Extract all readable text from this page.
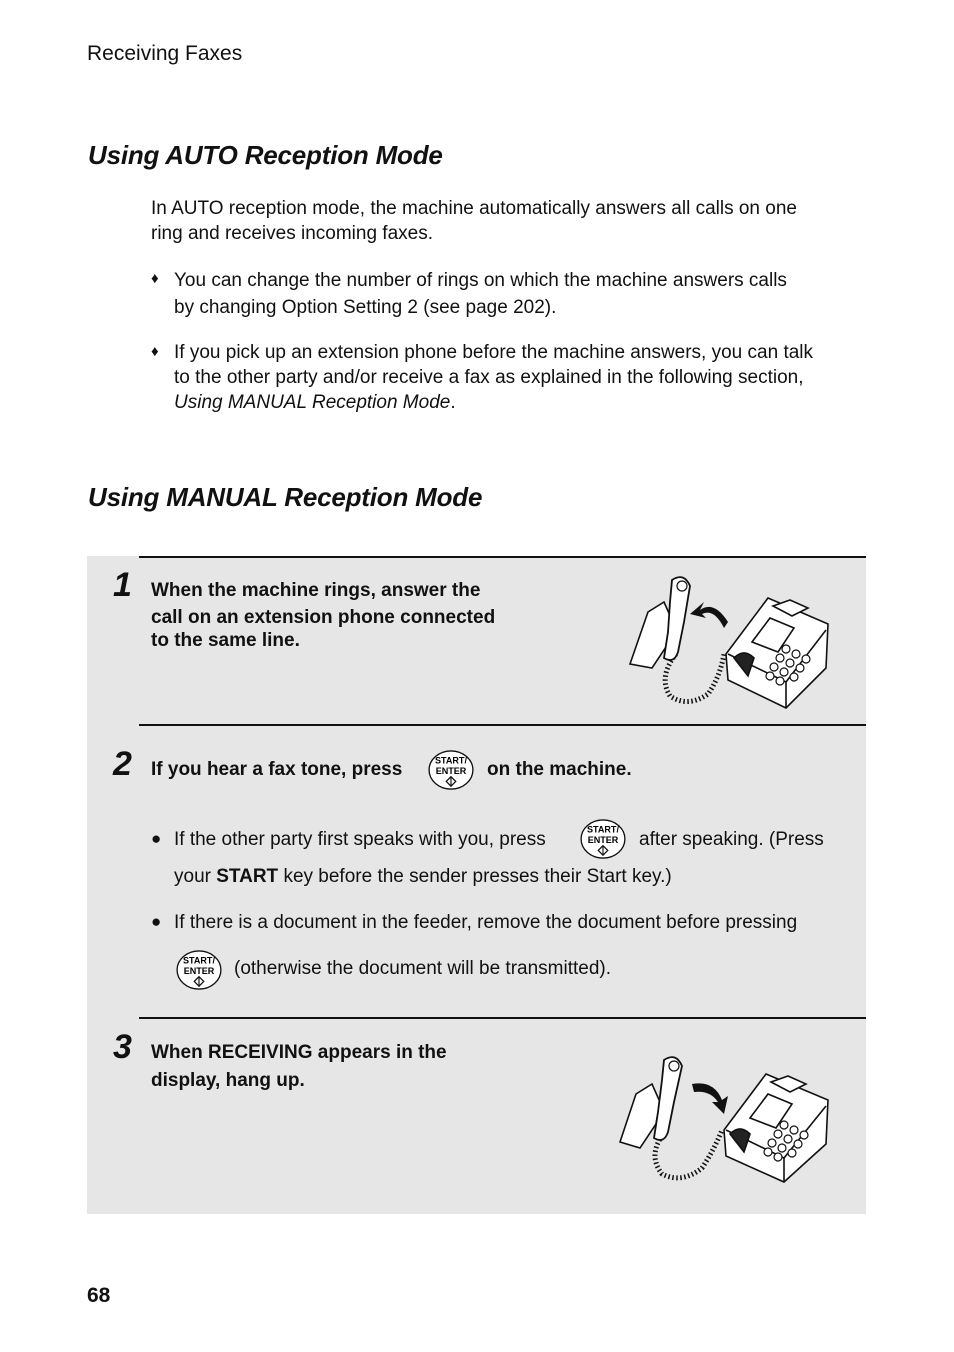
Receiving Faxes
Using AUTO Reception Mode
In AUTO reception mode, the machine automatically answers all calls on one
ring and receives incoming faxes.
♦ You can change the number of rings on which the machine answers calls
by changing Option Setting 2 (see page 202).
♦ If you pick up an extension phone before the machine answers, you can talk
to the other party and/or receive a fax as explained in the following section,
Using MANUAL Reception Mode.
Using MANUAL Reception Mode
1 When the machine rings, answer the
call on an extension phone connected
to the same line.
2 If you hear a fax tone, press	START/
ENTER on the machine.
● If the other party first speaks with you, press	START/
ENTER after speaking. (Press
your START key before the sender presses their Start key.)
● If there is a document in the feeder, remove the document before pressing
START/
ENTER (otherwise the document will be transmitted).
3 When RECEIVING appears in the
display, hang up.
68
